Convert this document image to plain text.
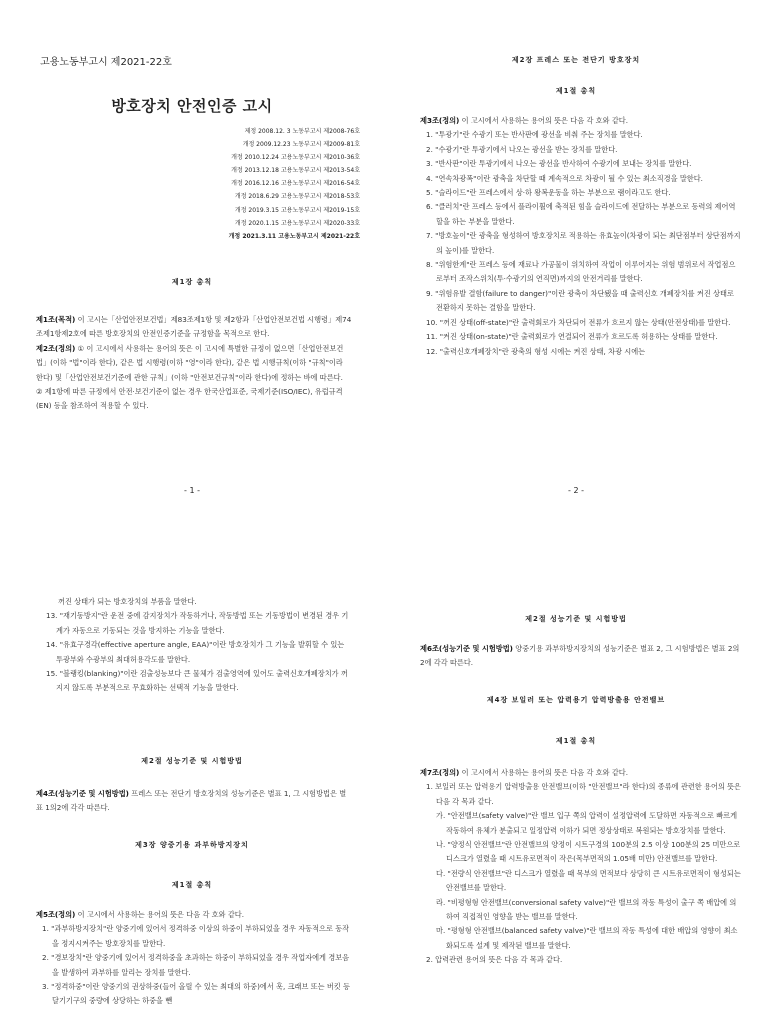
고용노동부고시 제2021-22호
방호장치 안전인증 고시
제정 2008.12. 3 노동부고시 제2008-76호
개정 2009.12.23 노동부고시 제2009-81호
개정 2010.12.24 고용노동부고시 제2010-36호
개정 2013.12.18 고용노동부고시 제2013-54호
개정 2016.12.16 고용노동부고시 제2016-54호
개정 2018.6.29 고용노동부고시 제2018-53호
개정 2019.3.15 고용노동부고시 제2019-15호
개정 2020.1.15 고용노동부고시 제2020-33호
개정 2021.3.11 고용노동부고시 제2021-22호
제1장 총칙

제1조(목적) 이 고시는「산업안전보건법」제83조제1항 및 제2항과「산업안전보건법 시행령」제74조제1항제2호에 따른 방호장치의 안전인증기준을 규정함을 목적으로 한다.

제2조(정의) ① 이 고시에서 사용하는 용어의 뜻은 이 고시에 특별한 규정이 없으면「산업안전보건법」(이하 "법"이라 한다), 같은 법 시행령(이하 "영"이라 한다), 같은 법 시행규칙(이하 "규칙"이라 한다) 및「산업안전보건기준에 관한 규칙」(이하 "안전보건규칙"이라 한다)에 정하는 바에 따른다.

② 제1항에 따른 규정에서 안전·보건기준이 없는 경우 한국산업표준, 국제기준(ISO/IEC), 유럽규격(EN) 등을 참조하여 적용할 수 있다.

- 1 -
제2장 프레스 또는 전단기 방호장치
제1절 총칙

제3조(정의) 이 고시에서 사용하는 용어의 뜻은 다음 각 호와 같다.

1. "투광기"란 수광기 또는 반사판에 광선을 비춰 주는 장치를 말한다.

2. "수광기"란 투광기에서 나오는 광선을 받는 장치를 말한다.

3. "반사판"이란 투광기에서 나오는 광선을 반사하여 수광기에 보내는 장치를 말한다.

4. "연속차광폭"이란 광축을 차단할 때 계속적으로 차광이 될 수 있는 최소직경을 말한다.

5. "슬라이드"란 프레스에서 상·하 왕복운동을 하는 부분으로 램이라고도 한다.

6. "클러치"란 프레스 등에서 플라이휠에 축적된 힘을 슬라이드에 전달하는 부분으로 동력의 제어역할을 하는 부분을 말한다.

7. "방호높이"란 광축을 형성하여 방호장치로 적용하는 유효높이(차광이 되는 최단점부터 상단점까지의 높이)를 말한다.

8. "위험한계"란 프레스 등에 재료나 가공물이 위치하여 작업이 이루어지는 위험 범위로서 작업점으로부터 조작스위치(투·수광기의 연직면)까지의 안전거리를 말한다.

9. "위험유발 결함(failure to danger)"이란 광축이 차단됐을 때 출력신호 개폐장치를 켜진 상태로 전환하지 못하는 결함을 말한다.

10. "꺼진 상태(off-state)"란 출력회로가 차단되어 전류가 흐르지 않는 상태(안전상태)를 말한다.

11. "켜진 상태(on-state)"란 출력회로가 연결되어 전류가 흐르도록 허용하는 상태를 말한다.

12. "출력신호개폐장치"란 광축의 형성 시에는 켜진 상태, 차광 시에는

- 2 -

꺼진 상태가 되는 방호장치의 부품을 말한다.

13. "재기동방지"란 운전 중에 감지장치가 작동하거나, 작동방법 또는 기동방법이 변경된 경우 기계가 자동으로 기동되는 것을 방지하는 기능을 말한다.

14. "유효구경각(effective aperture angle, EAA)"이란 방호장치가 그 기능을 발휘할 수 있는 투광부와 수광부의 최대허용각도를 말한다.

15. "블랭킹(blanking)"이란 검출성능보다 큰 물체가 검출영역에 있어도 출력신호개폐장치가 꺼지지 않도록 부분적으로 무효화하는 선택적 기능을 말한다.

제2절 성능기준 및 시험방법

제4조(성능기준 및 시험방법) 프레스 또는 전단기 방호장치의 성능기준은 별표 1, 그 시험방법은 별표 1의2에 각각 따른다.

제3장 양중기용 과부하방지장치
제1절 총칙

제5조(정의) 이 고시에서 사용하는 용어의 뜻은 다음 각 호와 같다.

1. "과부하방지장치"란 양중기에 있어서 정격하중 이상의 하중이 부하되었을 경우 자동적으로 동작을 정지시켜주는 방호장치를 말한다.

2. "경보장치"란 양중기에 있어서 정격하중을 초과하는 하중이 부하되었을 경우 작업자에게 경보음을 발생하여 과부하를 알리는 장치를 말한다.

3. "정격하중"이란 양중기의 권상하중(들어 올릴 수 있는 최대의 하중)에서 훅, 크래브 또는 버킷 등 달기기구의 중량에 상당하는 하중을 뺀

제2절 성능기준 및 시험방법

제6조(성능기준 및 시험방법) 양중기용 과부하방지장치의 성능기준은 별표 2, 그 시험방법은 별표 2의2에 각각 따른다.

제4장 보일러 또는 압력용기 압력방출용 안전밸브
제1절 총칙

제7조(정의) 이 고시에서 사용하는 용어의 뜻은 다음 각 호와 같다.

1. 보일러 또는 압력용기 압력방출용 안전밸브(이하 "안전밸브"라 한다)의 종류에 관련한 용어의 뜻은 다음 각 목과 같다.

가. "안전밸브(safety valve)"란 밸브 입구 쪽의 압력이 설정압력에 도달하면 자동적으로 빠르게 작동하여 유체가 분출되고 일정압력 이하가 되면 정상상태로 복원되는 방호장치를 말한다.

나. "양정식 안전밸브"란 안전밸브의 양정이 시트구경의 100분의 2.5 이상 100분의 25 미만으로 디스크가 열렸을 때 시트유로면적이 작은(목부면적의 1.05배 미만) 안전밸브를 말한다.

다. "전량식 안전밸브"란 디스크가 열렸을 때 목부의 면적보다 상당히 큰 시트유로면적이 형성되는 안전밸브를 말한다.

라. "비평형형 안전밸브(conversional safety valve)"란 밸브의 작동 특성이 출구 쪽 배압에 의하여 직접적인 영향을 받는 밸브를 말한다.

마. "평형형 안전밸브(balanced safety valve)"란 밸브의 작동 특성에 대한 배압의 영향이 최소화되도록 설계 및 제작된 밸브를 말한다.

2. 압력관련 용어의 뜻은 다음 각 목과 같다.
